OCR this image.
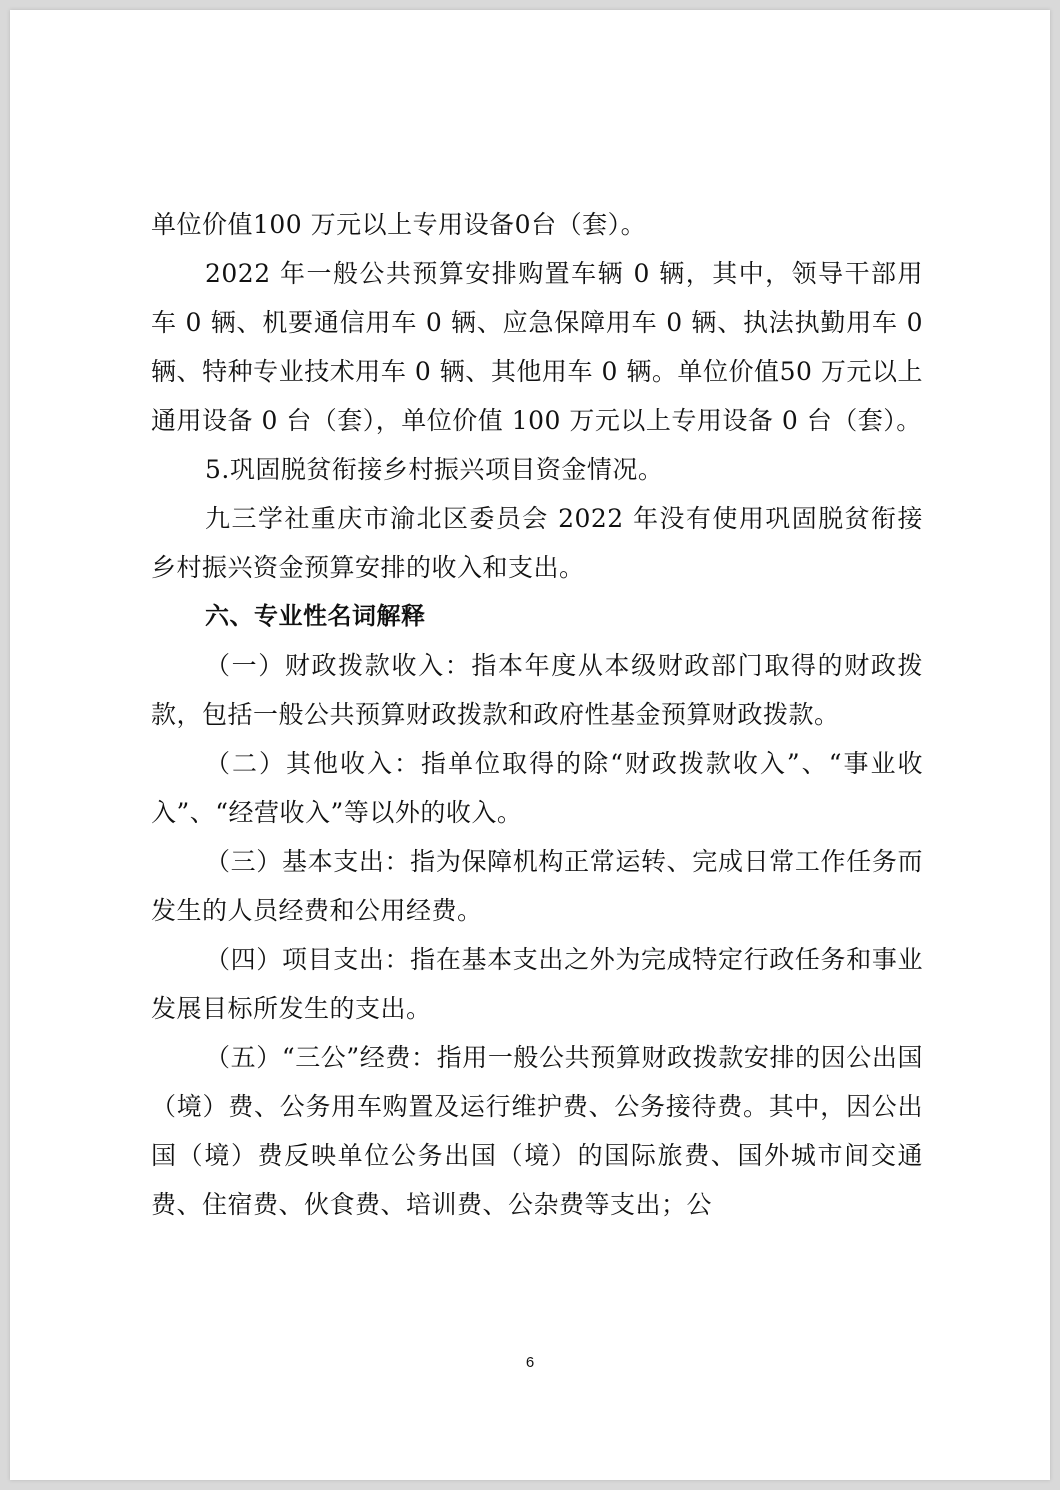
单位价值100 万元以上专用设备0台（套）。

2022 年一般公共预算安排购置车辆 0 辆，其中，领导干部用车 0 辆、机要通信用车 0 辆、应急保障用车 0 辆、执法执勤用车 0 辆、特种专业技术用车 0 辆、其他用车 0 辆。单位价值50 万元以上通用设备 0 台（套），单位价值 100 万元以上专用设备 0 台（套）。

5.巩固脱贫衔接乡村振兴项目资金情况。

九三学社重庆市渝北区委员会 2022 年没有使用巩固脱贫衔接乡村振兴资金预算安排的收入和支出。

六、专业性名词解释

（一）财政拨款收入：指本年度从本级财政部门取得的财政拨款，包括一般公共预算财政拨款和政府性基金预算财政拨款。

（二）其他收入：指单位取得的除“财政拨款收入”、“事业收入”、“经营收入”等以外的收入。

（三）基本支出：指为保障机构正常运转、完成日常工作任务而发生的人员经费和公用经费。

（四）项目支出：指在基本支出之外为完成特定行政任务和事业发展目标所发生的支出。

（五）“三公”经费：指用一般公共预算财政拨款安排的因公出国（境）费、公务用车购置及运行维护费、公务接待费。其中，因公出国（境）费反映单位公务出国（境）的国际旅费、国外城市间交通费、住宿费、伙食费、培训费、公杂费等支出；公

6
